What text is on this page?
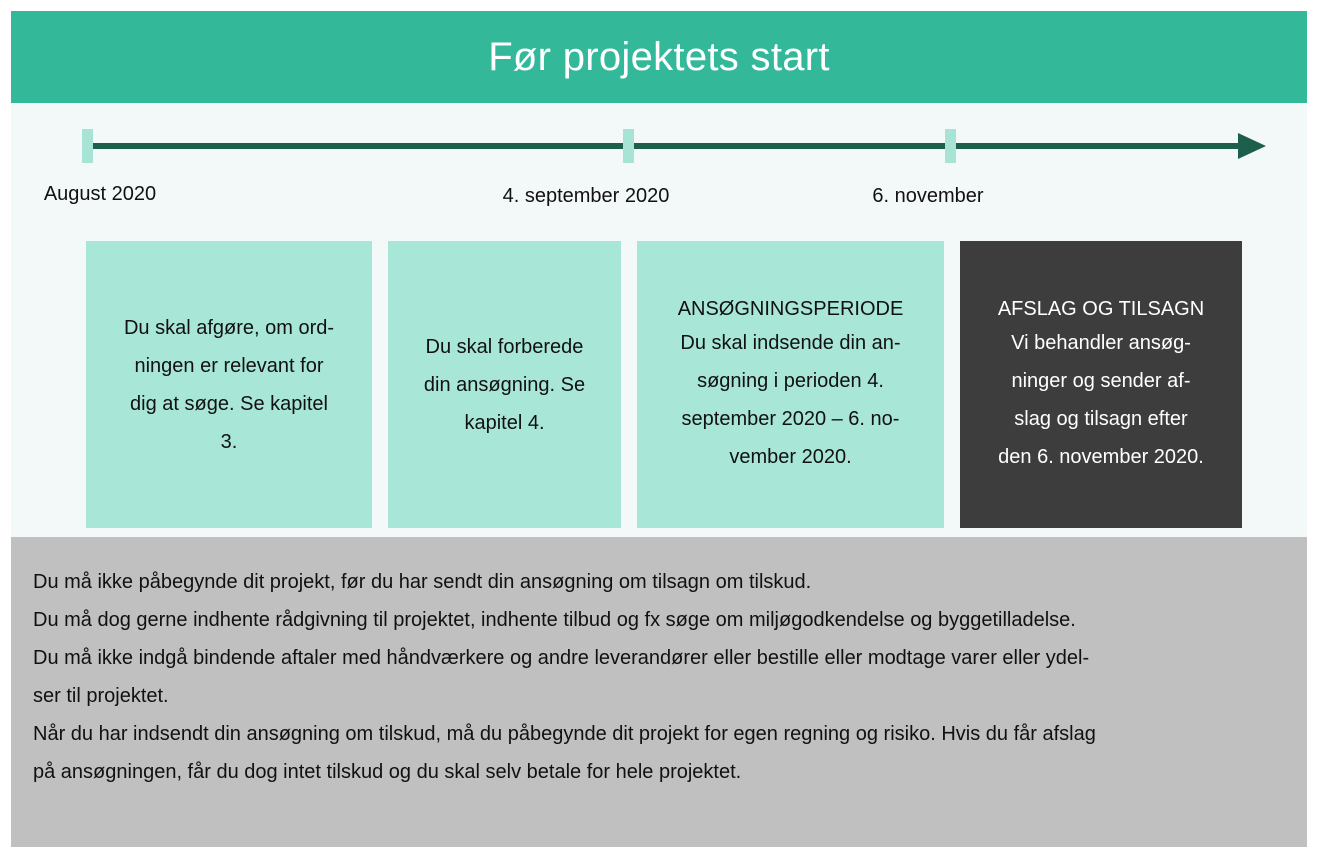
Før projektets start
August 2020	4. september 2020	6. november
Du skal afgøre, om ord-
ningen er relevant for
dig at søge. Se kapitel
3.
Du skal forberede
din ansøgning. Se
kapitel 4.
ANSØGNINGSPERIODE
Du skal indsende din an-
søgning i perioden 4.
september 2020 – 6. no-
vember 2020.
AFSLAG OG TILSAGN
Vi behandler ansøg-
ninger og sender af-
slag og tilsagn efter
den 6. november 2020.
Du må ikke påbegynde dit projekt, før du har sendt din ansøgning om tilsagn om tilskud.
Du må dog gerne indhente rådgivning til projektet, indhente tilbud og fx søge om miljøgodkendelse og byggetilladelse.
Du må ikke indgå bindende aftaler med håndværkere og andre leverandører eller bestille eller modtage varer eller ydel-
ser til projektet.
Når du har indsendt din ansøgning om tilskud, må du påbegynde dit projekt for egen regning og risiko. Hvis du får afslag
på ansøgningen, får du dog intet tilskud og du skal selv betale for hele projektet.
